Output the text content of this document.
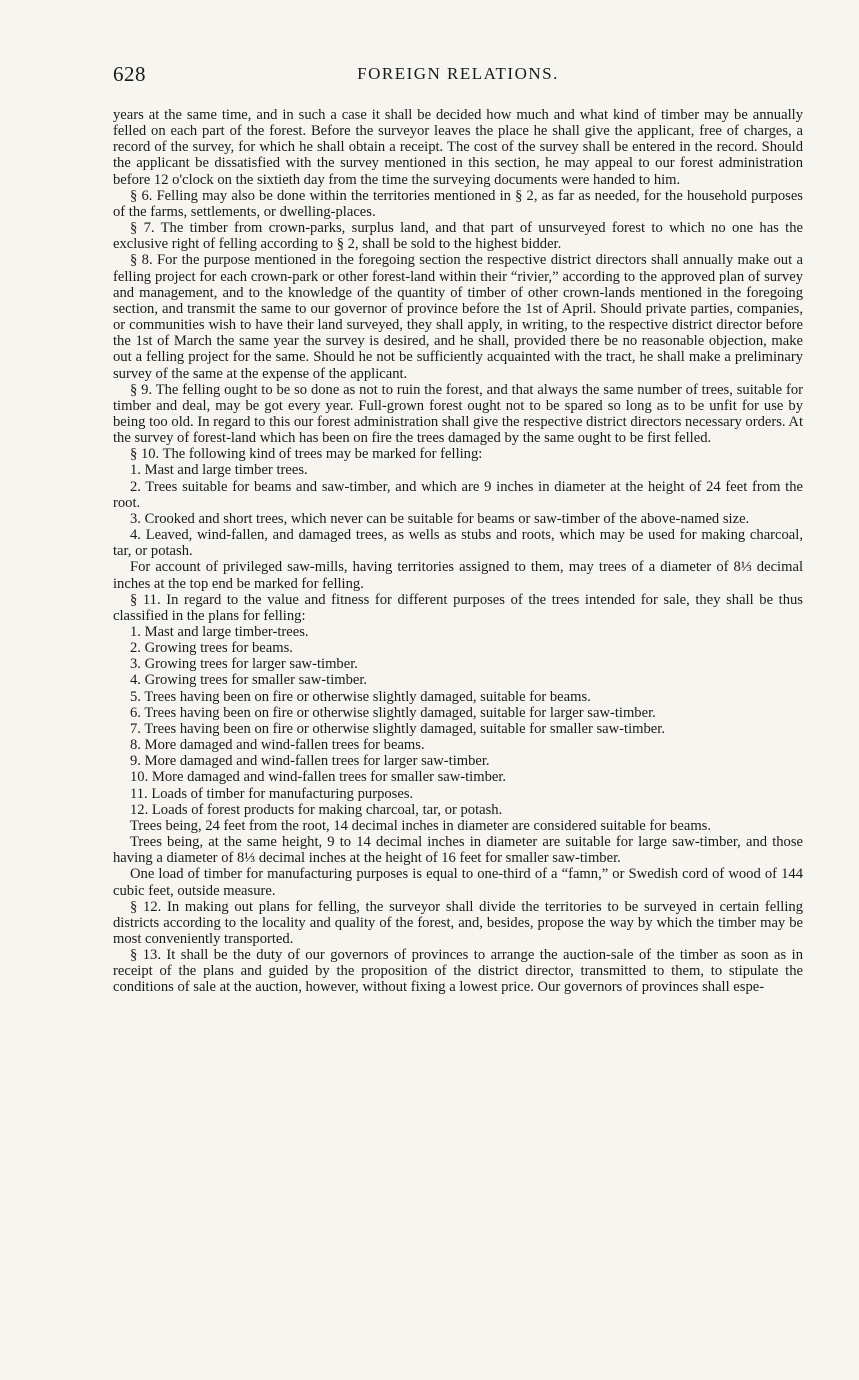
628	FOREIGN RELATIONS.

years at the same time, and in such a case it shall be decided how much and what kind of timber may be annually felled on each part of the forest. Before the surveyor leaves the place he shall give the applicant, free of charges, a record of the survey, for which he shall obtain a receipt. The cost of the survey shall be entered in the record. Should the applicant be dissatisfied with the survey mentioned in this section, he may appeal to our forest administration before 12 o'clock on the sixtieth day from the time the surveying documents were handed to him.

§ 6. Felling may also be done within the territories mentioned in § 2, as far as needed, for the household purposes of the farms, settlements, or dwelling-places.

§ 7. The timber from crown-parks, surplus land, and that part of unsurveyed forest to which no one has the exclusive right of felling according to § 2, shall be sold to the highest bidder.

§ 8. For the purpose mentioned in the foregoing section the respective district directors shall annually make out a felling project for each crown-park or other forest-land within their “rivier,” according to the approved plan of survey and management, and to the knowledge of the quantity of timber of other crown-lands mentioned in the foregoing section, and transmit the same to our governor of province before the 1st of April. Should private parties, companies, or communities wish to have their land surveyed, they shall apply, in writing, to the respective district director before the 1st of March the same year the survey is desired, and he shall, provided there be no reasonable objection, make out a felling project for the same. Should he not be sufficiently acquainted with the tract, he shall make a preliminary survey of the same at the expense of the applicant.

§ 9. The felling ought to be so done as not to ruin the forest, and that always the same number of trees, suitable for timber and deal, may be got every year. Full-grown forest ought not to be spared so long as to be unfit for use by being too old. In regard to this our forest administration shall give the respective district directors necessary orders. At the survey of forest-land which has been on fire the trees damaged by the same ought to be first felled.

§ 10. The following kind of trees may be marked for felling:

1. Mast and large timber trees.

2. Trees suitable for beams and saw-timber, and which are 9 inches in diameter at the height of 24 feet from the root.

3. Crooked and short trees, which never can be suitable for beams or saw-timber of the above-named size.

4. Leaved, wind-fallen, and damaged trees, as wells as stubs and roots, which may be used for making charcoal, tar, or potash.

For account of privileged saw-mills, having territories assigned to them, may trees of a diameter of 8⅓ decimal inches at the top end be marked for felling.

§ 11. In regard to the value and fitness for different purposes of the trees intended for sale, they shall be thus classified in the plans for felling:

1. Mast and large timber-trees.

2. Growing trees for beams.

3. Growing trees for larger saw-timber.

4. Growing trees for smaller saw-timber.

5. Trees having been on fire or otherwise slightly damaged, suitable for beams.

6. Trees having been on fire or otherwise slightly damaged, suitable for larger saw-timber.

7. Trees having been on fire or otherwise slightly damaged, suitable for smaller saw-timber.

8. More damaged and wind-fallen trees for beams.

9. More damaged and wind-fallen trees for larger saw-timber.

10. More damaged and wind-fallen trees for smaller saw-timber.

11. Loads of timber for manufacturing purposes.

12. Loads of forest products for making charcoal, tar, or potash.

Trees being, 24 feet from the root, 14 decimal inches in diameter are considered suitable for beams.

Trees being, at the same height, 9 to 14 decimal inches in diameter are suitable for large saw-timber, and those having a diameter of 8⅓ decimal inches at the height of 16 feet for smaller saw-timber.

One load of timber for manufacturing purposes is equal to one-third of a “famn,” or Swedish cord of wood of 144 cubic feet, outside measure.

§ 12. In making out plans for felling, the surveyor shall divide the territories to be surveyed in certain felling districts according to the locality and quality of the forest, and, besides, propose the way by which the timber may be most conveniently transported.

§ 13. It shall be the duty of our governors of provinces to arrange the auction-sale of the timber as soon as in receipt of the plans and guided by the proposition of the district director, transmitted to them, to stipulate the conditions of sale at the auction, however, without fixing a lowest price. Our governors of provinces shall espe-
